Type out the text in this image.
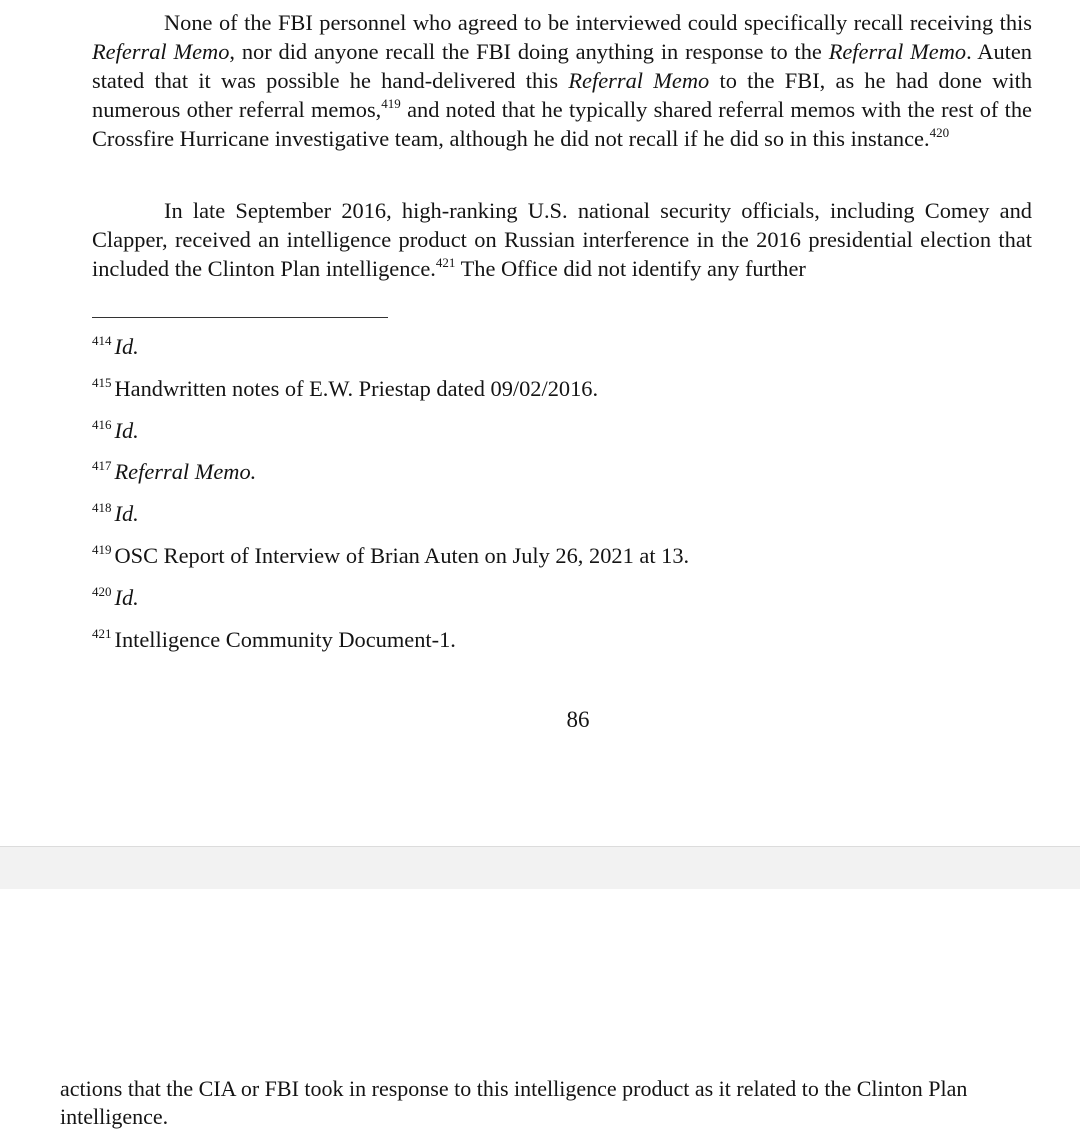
None of the FBI personnel who agreed to be interviewed could specifically recall receiving this Referral Memo, nor did anyone recall the FBI doing anything in response to the Referral Memo. Auten stated that it was possible he hand-delivered this Referral Memo to the FBI, as he had done with numerous other referral memos,$^{419}$ and noted that he typically shared referral memos with the rest of the Crossfire Hurricane investigative team, although he did not recall if he did so in this instance.$^{420}$

In late September 2016, high-ranking U.S. national security officials, including Comey and Clapper, received an intelligence product on Russian interference in the 2016 presidential election that included the Clinton Plan intelligence.$^{421}$ The Office did not identify any further

$^{414}$ Id.
$^{415}$ Handwritten notes of E.W. Priestap dated 09/02/2016.
$^{416}$ Id.
$^{417}$ Referral Memo.
$^{418}$ Id.
$^{419}$ OSC Report of Interview of Brian Auten on July 26, 2021 at 13.
$^{420}$ Id.
$^{421}$ Intelligence Community Document-1.
86

actions that the CIA or FBI took in response to this intelligence product as it related to the Clinton Plan intelligence.
